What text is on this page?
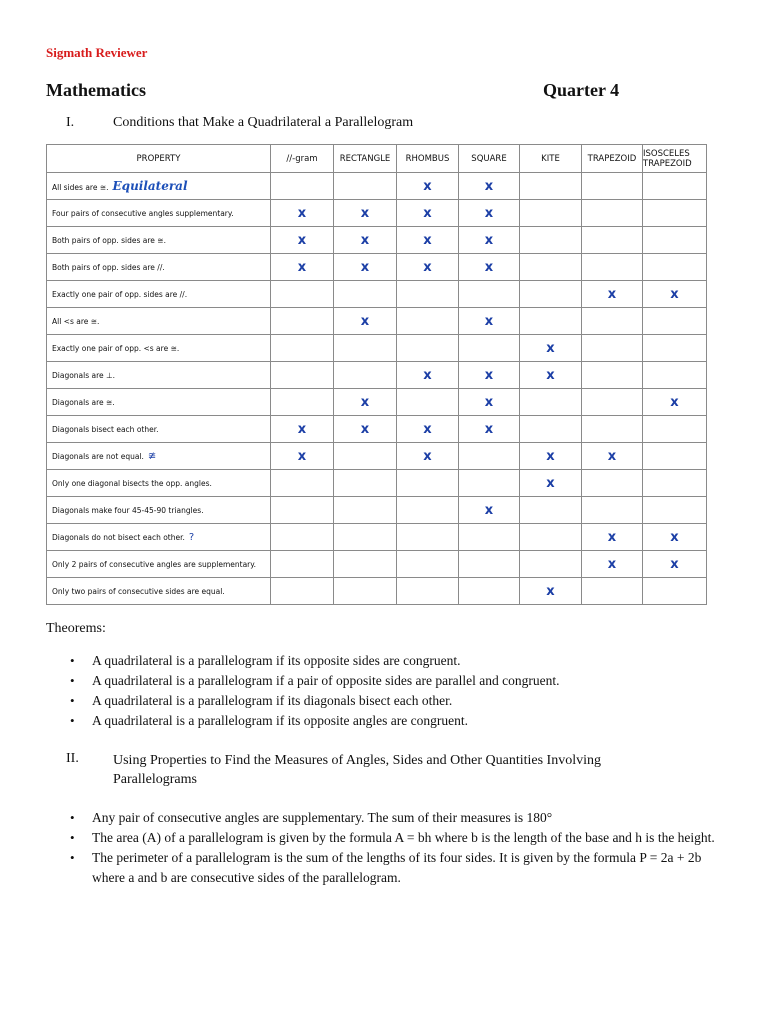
Sigmath Reviewer
Mathematics	Quarter 4
I.	Conditions that Make a Quadrilateral a Parallelogram
PROPERTY	//-gram	RECTANGLE	RHOMBUS	SQUARE	KITE	TRAPEZOID	ISOSCELES TRAPEZOID
All sides are ≅. Equilateral			x	x			
Four pairs of consecutive angles supplementary.	x	x	x	x			
Both pairs of opp. sides are ≅.	x	x	x	x			
Both pairs of opp. sides are //.	x	x	x	x			
Exactly one pair of opp. sides are //.						x	x
All <s are ≅.		x		x			
Exactly one pair of opp. <s are ≅.					x		
Diagonals are ⊥.			x	x	x		
Diagonals are ≅.		x		x			x
Diagonals bisect each other.	x	x	x	x			
Diagonals are not equal. ≇	x		x		x	x	
Only one diagonal bisects the opp. angles.					x		
Diagonals make four 45-45-90 triangles.				x			
Diagonals do not bisect each other. ?						x	x
Only 2 pairs of consecutive angles are supplementary.						x	x
Only two pairs of consecutive sides are equal.					x		
Theorems:
• A quadrilateral is a parallelogram if its opposite sides are congruent.
• A quadrilateral is a parallelogram if a pair of opposite sides are parallel and congruent.
• A quadrilateral is a parallelogram if its diagonals bisect each other.
• A quadrilateral is a parallelogram if its opposite angles are congruent.
II. Using Properties to Find the Measures of Angles, Sides and Other Quantities Involving Parallelograms
• Any pair of consecutive angles are supplementary. The sum of their measures is 180°
• The area (A) of a parallelogram is given by the formula A = bh where b is the length of the base and h is the height.
• The perimeter of a parallelogram is the sum of the lengths of its four sides. It is given by the formula P = 2a + 2b where a and b are consecutive sides of the parallelogram.
